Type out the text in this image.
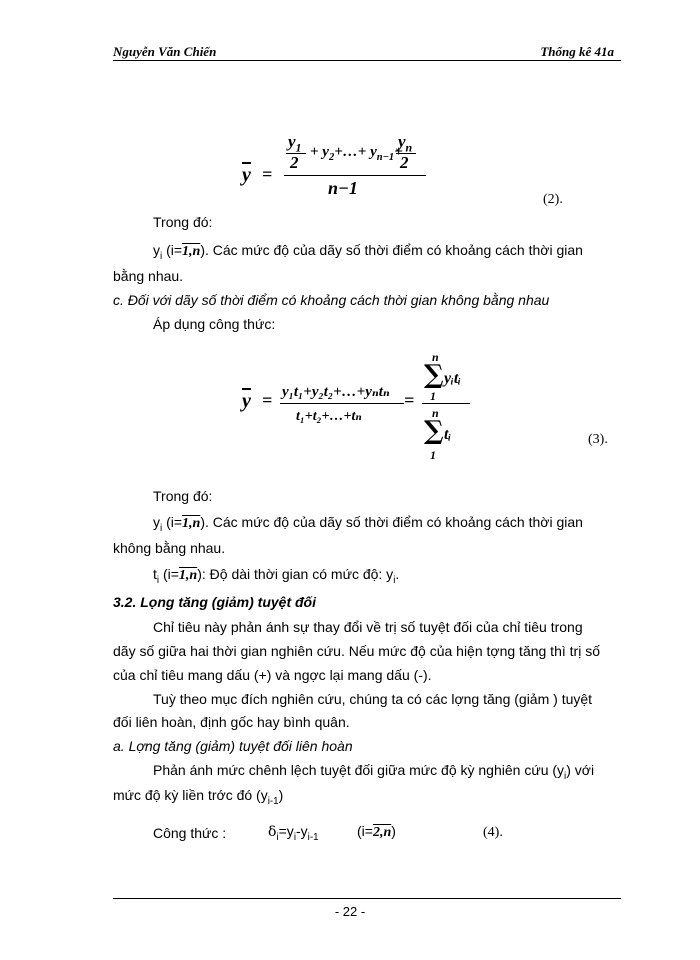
Nguyễn Văn Chiến	Thống kê 41a
$\overline{y}$ =
$y_1$
2
+ $y_2+\dots+ y_{n-1}+$
$y_n$
2
n−1
(2).
Trong đó:
$y_i$ (i=1,n). Các mức độ của dãy số thời điểm có khoảng cách thời gian
bằng nhau.
c. Đối với dãy số thời điểm có khoảng cách thời gian không bằng nhau
Áp dụng công thức:
$\overline{y}$ = y₁t₁+y₂t₂+…+yₙtₙ
t₁+t₂+…+tₙ
=
n
∑ yᵢtᵢ
1
n
∑ tᵢ
1
(3).
Trong đó:
$y_i$ (i=1,n). Các mức độ của dãy số thời điểm có khoảng cách thời gian
không bằng nhau.
$t_i$ (i=1,n): Độ dài thời gian có mức độ: $y_i$.
3.2. Lọng tăng (giảm) tuyệt đối
Chỉ tiêu này phản ánh sự thay đổi về trị số tuyệt đối của chỉ tiêu trong
dãy số giữa hai thời gian nghiên cứu. Nếu mức độ của hiện tợng tăng thì trị số
của chỉ tiêu mang dấu (+) và ngợc lại mang dấu (-).
Tuỳ theo mục đích nghiên cứu, chúng ta có các lợng tăng (giảm ) tuyệt
đối liên hoàn, định gốc hay bình quân.
a. Lợng tăng (giảm) tuyệt đối liên hoàn
Phản ánh mức chênh lệch tuyệt đối giữa mức độ kỳ nghiên cứu $(y_i)$ với
mức độ kỳ liền trớc đó $(y_{i-1})$
Công thức :	$\delta_i=y_i-y_{i-1}$	(i=2,n)	(4).
- 22 -
